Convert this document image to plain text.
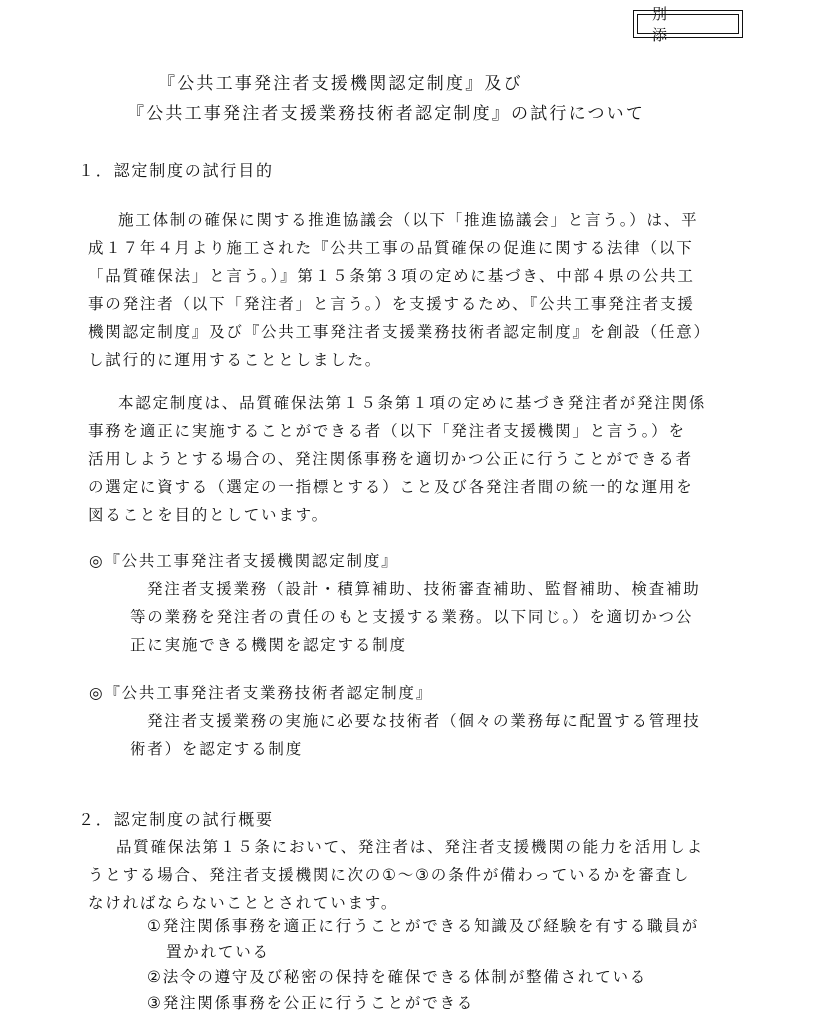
別　添

『公共工事発注者支援機関認定制度』及び

『公共工事発注者支援業務技術者認定制度』の試行について

１．認定制度の試行目的

施工体制の確保に関する推進協議会（以下「推進協議会」と言う。）は、平

成１７年４月より施工された『公共工事の品質確保の促進に関する法律（以下

「品質確保法」と言う。）』第１５条第３項の定めに基づき、中部４県の公共工

事の発注者（以下「発注者」と言う。）を支援するため、『公共工事発注者支援

機関認定制度』及び『公共工事発注者支援業務技術者認定制度』を創設（任意）

し試行的に運用することとしました。

本認定制度は、品質確保法第１５条第１項の定めに基づき発注者が発注関係

事務を適正に実施することができる者（以下「発注者支援機関」と言う。）を

活用しようとする場合の、発注関係事務を適切かつ公正に行うことができる者

の選定に資する（選定の一指標とする）こと及び各発注者間の統一的な運用を

図ることを目的としています。

◎『公共工事発注者支援機関認定制度』

発注者支援業務（設計・積算補助、技術審査補助、監督補助、検査補助

等の業務を発注者の責任のもと支援する業務。以下同じ。）を適切かつ公

正に実施できる機関を認定する制度

◎『公共工事発注者支業務技術者認定制度』

発注者支援業務の実施に必要な技術者（個々の業務毎に配置する管理技

術者）を認定する制度

２．認定制度の試行概要

品質確保法第１５条において、発注者は、発注者支援機関の能力を活用しよ

うとする場合、発注者支援機関に次の①～③の条件が備わっているかを審査し

なければならないこととされています。

①発注関係事務を適正に行うことができる知識及び経験を有する職員が

置かれている

②法令の遵守及び秘密の保持を確保できる体制が整備されている

③発注関係事務を公正に行うことができる
